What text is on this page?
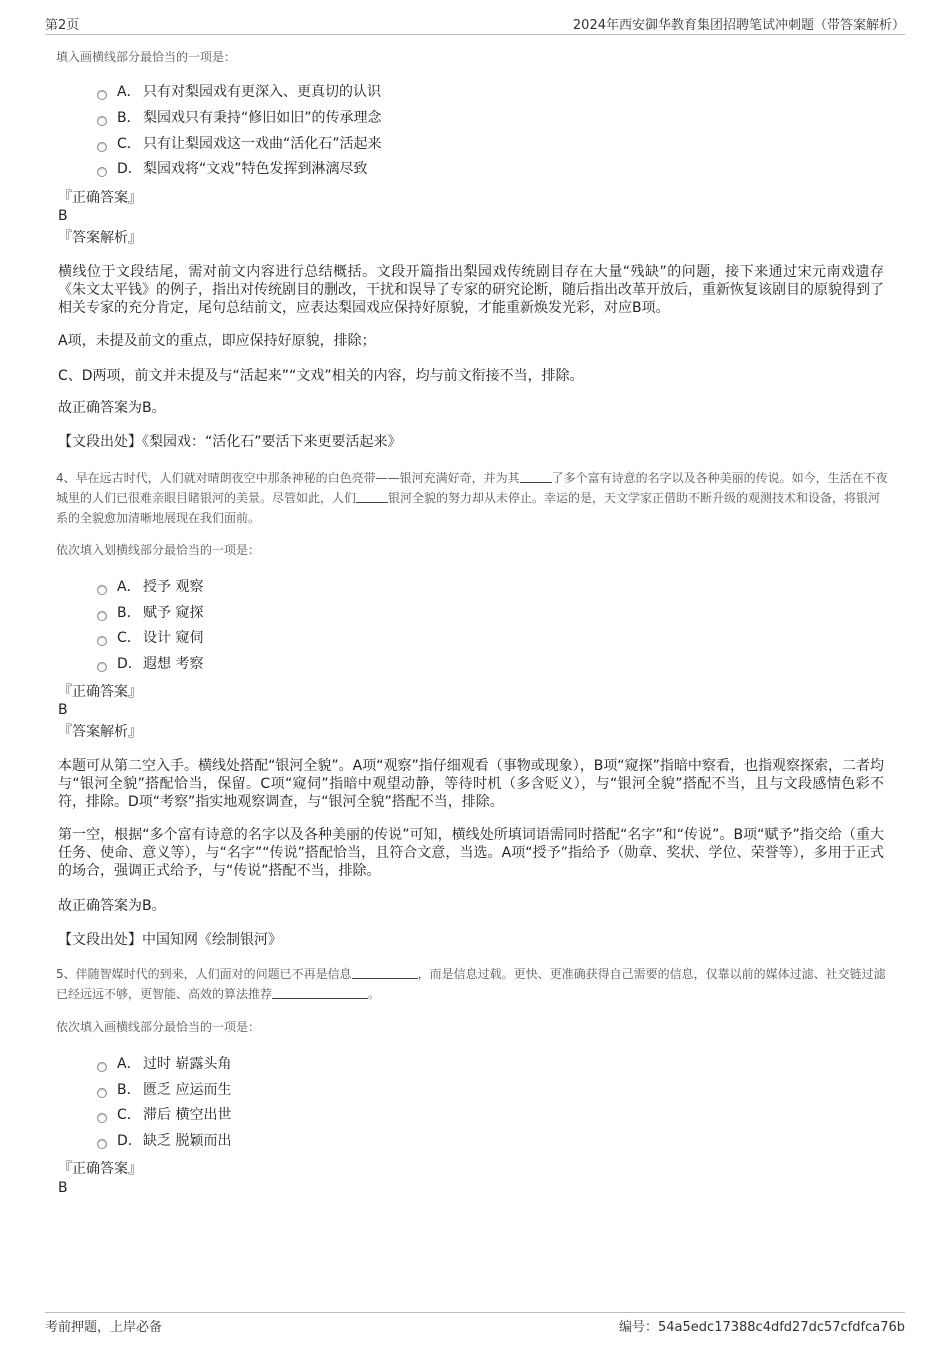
第2页	2024年西安御华教育集团招聘笔试冲刺题（带答案解析）
填入画横线部分最恰当的一项是：
A． 只有对梨园戏有更深入、更真切的认识
B． 梨园戏只有秉持“修旧如旧”的传承理念
C． 只有让梨园戏这一戏曲“活化石”活起来
D．梨园戏将“文戏”特色发挥到淋漓尽致
『正确答案』
B
『答案解析』
横线位于文段结尾，需对前文内容进行总结概括。文段开篇指出梨园戏传统剧目存在大量“残缺”的问题，接下来通过宋元南戏遗存《朱文太平钱》的例子，指出对传统剧目的删改，干扰和误导了专家的研究论断，随后指出改革开放后，重新恢复该剧目的原貌得到了相关专家的充分肯定，尾句总结前文，应表达梨园戏应保持好原貌，才能重新焕发光彩，对应B项。
A项，未提及前文的重点，即应保持好原貌，排除；
C、D两项，前文并未提及与“活起来”“文戏”相关的内容，均与前文衔接不当，排除。
故正确答案为B。
【文段出处】《梨园戏：“活化石”要活下来更要活起来》
4、早在远古时代，人们就对晴朗夜空中那条神秘的白色亮带——银河充满好奇，并为其	了多个富有诗意的名字以及各种美丽的传说。如今，生活在不夜城里的人们已很难亲眼目睹银河的美景。尽管如此，人们	银河全貌的努力却从未停止。幸运的是，天文学家正借助不断升级的观测技术和设备，将银河系的全貌愈加清晰地展现在我们面前。
依次填入划横线部分最恰当的一项是：
A． 授予 观察
B． 赋予 窥探
C． 设计 窥伺
D．遐想 考察
『正确答案』
B
『答案解析』
本题可从第二空入手。横线处搭配“银河全貌”。A项“观察”指仔细观看（事物或现象），B项“窥探”指暗中察看，也指观察探索，二者均与“银河全貌”搭配恰当，保留。C项“窥伺”指暗中观望动静，等待时机（多含贬义），与“银河全貌”搭配不当，且与文段感情色彩不符，排除。D项“考察”指实地观察调查，与“银河全貌”搭配不当，排除。
第一空，根据“多个富有诗意的名字以及各种美丽的传说”可知，横线处所填词语需同时搭配“名字”和“传说”。B项“赋予”指交给（重大任务、使命、意义等），与“名字”“传说”搭配恰当，且符合文意，当选。A项“授予”指给予（勋章、奖状、学位、荣誉等），多用于正式的场合，强调正式给予，与“传说”搭配不当，排除。
故正确答案为B。
【文段出处】中国知网《绘制银河》
5、伴随智媒时代的到来，人们面对的问题已不再是信息	，而是信息过载。更快、更准确获得自己需要的信息，仅靠以前的媒体过滤、社交链过滤已经远远不够，更智能、高效的算法推荐	。
依次填入画横线部分最恰当的一项是：
A． 过时 崭露头角
B． 匮乏 应运而生
C． 滞后 横空出世
D．缺乏 脱颖而出
『正确答案』
B
考前押题，上岸必备	编号：54a5edc17388c4dfd27dc57cfdfca76b
